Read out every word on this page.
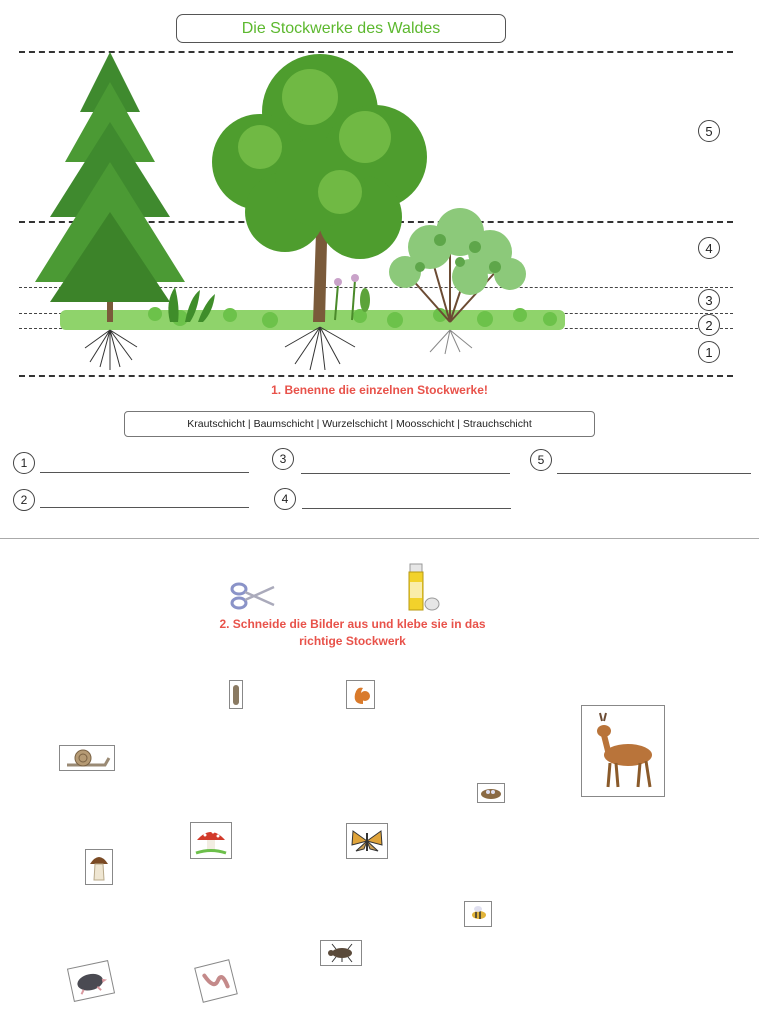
Die Stockwerke des Waldes
5
4
3
2
1
1. Benenne die einzelnen Stockwerke!
Krautschicht | Baumschicht | Wurzelschicht | Moosschicht | Strauchschicht
1
2
3
4
5
2. Schneide die Bilder aus und klebe sie in das
richtige Stockwerk
